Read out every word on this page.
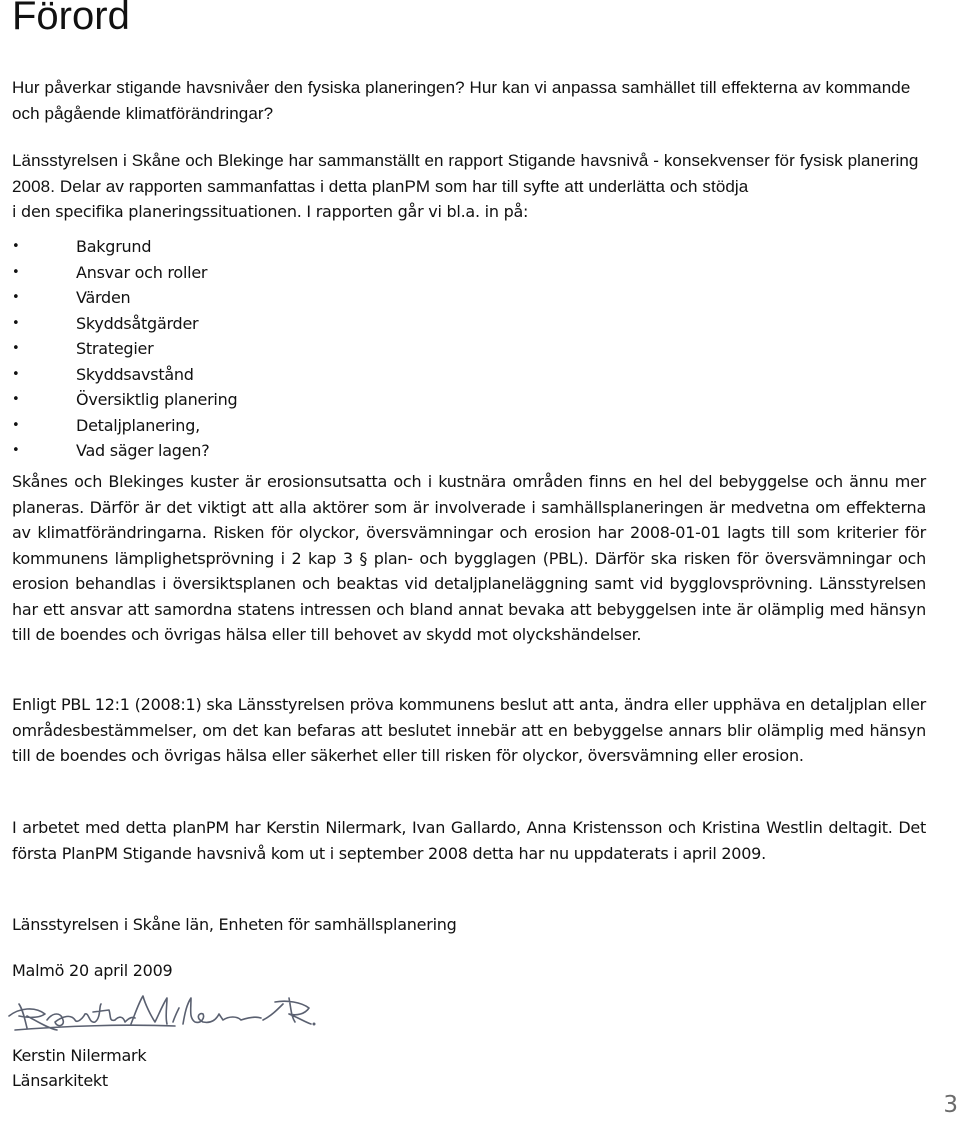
Förord

Hur påverkar stigande havsnivåer den fysiska planeringen? Hur kan vi anpassa samhället till effekterna av kommande och pågående klimatförändringar?

Länsstyrelsen i Skåne och Blekinge har sammanställt en rapport Stigande havsnivå - konsekvenser för fysisk planering 2008. Delar av rapporten sammanfattas i detta planPM som har till syfte att underlätta och stödja
i den specifika planeringssituationen. I rapporten går vi bl.a. in på:
•	Bakgrund
•	Ansvar och roller
•	Värden
•	Skyddsåtgärder
•	Strategier
•	Skyddsavstånd
•	Översiktlig planering
•	Detaljplanering,
•	Vad säger lagen?

Skånes och Blekinges kuster är erosionsutsatta och i kustnära områden finns en hel del bebyggelse och ännu mer planeras. Därför är det viktigt att alla aktörer som är involverade i samhällsplaneringen är medvetna om effekterna av klimatförändringarna. Risken för olyckor, översvämningar och erosion har 2008-01-01 lagts till som kriterier för kommunens lämplighetsprövning i 2 kap 3 § plan- och bygglagen (PBL). Därför ska risken för översvämningar och erosion behandlas i översiktsplanen och beaktas vid detaljplaneläggning samt vid bygglovsprövning. Länsstyrelsen har ett ansvar att samordna statens intressen och bland annat bevaka att bebyggelsen inte är olämplig med hänsyn till de boendes och övrigas hälsa eller till behovet av skydd mot olyckshändelser.

Enligt PBL 12:1 (2008:1) ska Länsstyrelsen pröva kommunens beslut att anta, ändra eller upphäva en detaljplan eller områdesbestämmelser, om det kan befaras att beslutet innebär att en bebyggelse annars blir olämplig med hänsyn till de boendes och övrigas hälsa eller säkerhet eller till risken för olyckor, översvämning eller erosion.

I arbetet med detta planPM har Kerstin Nilermark, Ivan Gallardo, Anna Kristensson och Kristina Westlin deltagit. Det första PlanPM Stigande havsnivå kom ut i september 2008 detta har nu uppdaterats i april 2009.

Länsstyrelsen i Skåne län, Enheten för samhällsplanering

Malmö 20 april 2009

Kerstin Nilermark
Länsarkitekt
3
